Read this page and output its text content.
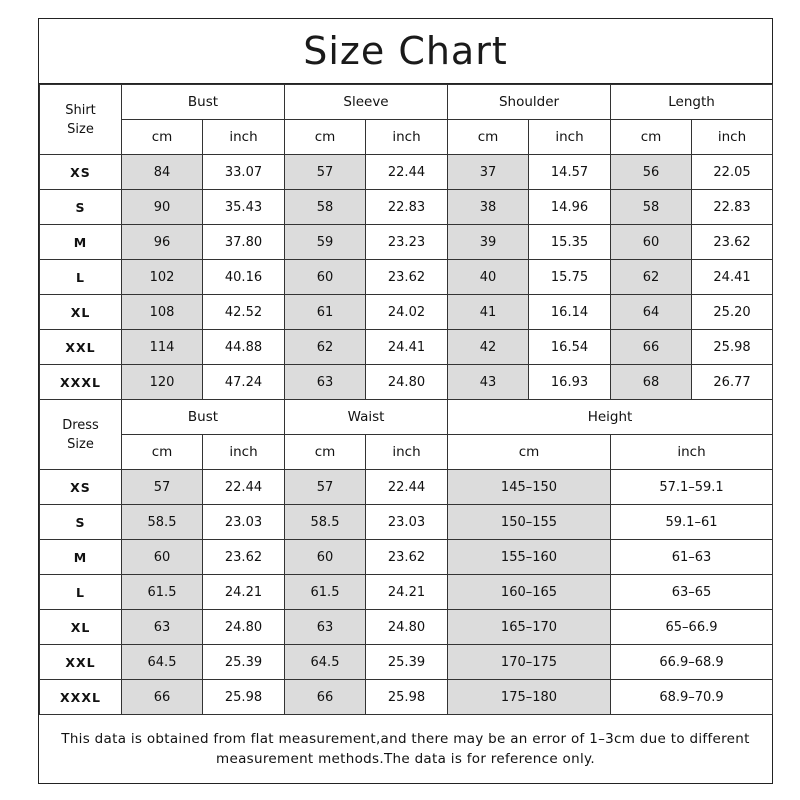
Size Chart
Shirt
Size	Bust		Sleeve		Shoulder		Length	
	cm	inch	cm	inch	cm	inch	cm	inch
XS	84	33.07	57	22.44	37	14.57	56	22.05
S	90	35.43	58	22.83	38	14.96	58	22.83
M	96	37.80	59	23.23	39	15.35	60	23.62
L	102	40.16	60	23.62	40	15.75	62	24.41
XL	108	42.52	61	24.02	41	16.14	64	25.20
XXL	114	44.88	62	24.41	42	16.54	66	25.98
XXXL	120	47.24	63	24.80	43	16.93	68	26.77
Dress
Size	Bust		Waist		Height	
	cm	inch	cm	inch	cm	inch
XS	57	22.44	57	22.44	145–150	57.1–59.1
S	58.5	23.03	58.5	23.03	150–155	59.1–61
M	60	23.62	60	23.62	155–160	61–63
L	61.5	24.21	61.5	24.21	160–165	63–65
XL	63	24.80	63	24.80	165–170	65–66.9
XXL	64.5	25.39	64.5	25.39	170–175	66.9–68.9
XXXL	66	25.98	66	25.98	175–180	68.9–70.9
This data is obtained from flat measurement,and there may be an error of 1–3cm due to different measurement methods.The data is for reference only.
